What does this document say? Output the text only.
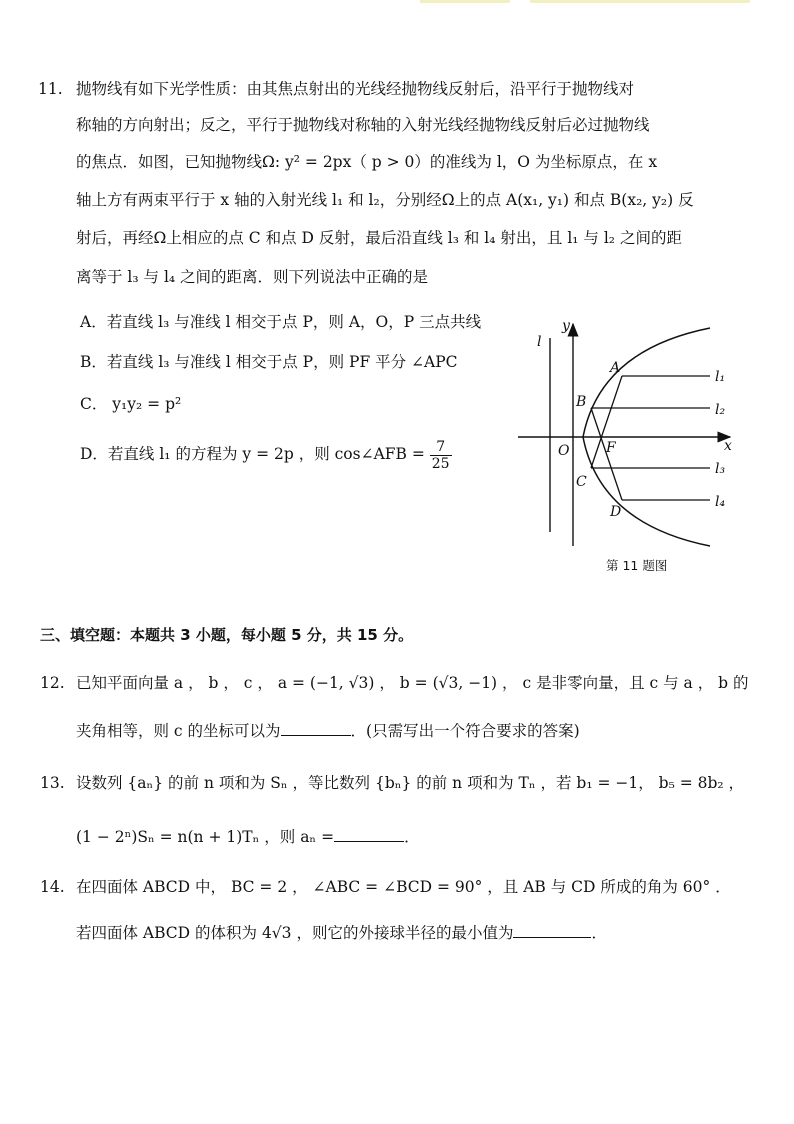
11. 抛物线有如下光学性质：由其焦点射出的光线经抛物线反射后，沿平行于抛物线对
称轴的方向射出；反之，平行于抛物线对称轴的入射光线经抛物线反射后必过抛物线
的焦点．如图，已知抛物线Ω: y² = 2px（ p > 0）的准线为 l，O 为坐标原点，在 x
轴上方有两束平行于 x 轴的入射光线 l₁ 和 l₂，分别经Ω上的点 A(x₁, y₁) 和点 B(x₂, y₂) 反
射后，再经Ω上相应的点 C 和点 D 反射，最后沿直线 l₃ 和 l₄ 射出，且 l₁ 与 l₂ 之间的距
离等于 l₃ 与 l₄ 之间的距离．则下列说法中正确的是
A．若直线 l₃ 与准线 l 相交于点 P，则 A，O，P 三点共线
B．若直线 l₃ 与准线 l 相交于点 P，则 PF 平分 ∠APC
C． y₁y₂ = p²
D．若直线 l₁ 的方程为 y = 2p ，则 cos∠AFB = $\frac{7}{25}$
l
y
x
O	F
A
B
C
D
l₁
l₂
l₃
l₄
第 11 题图
三、填空题：本题共 3 小题，每小题 5 分，共 15 分。
12. 已知平面向量 a ， b ， c ， a = (−1, √3) ， b = (√3, −1) ， c 是非零向量，且 c 与 a ， b 的
夹角相等，则 c 的坐标可以为	．(只需写出一个符合要求的答案)
13. 设数列 {aₙ} 的前 n 项和为 Sₙ ，等比数列 {bₙ} 的前 n 项和为 Tₙ ，若 b₁ = −1， b₅ = 8b₂ ，
(1 − 2ⁿ)Sₙ = n(n + 1)Tₙ ，则 aₙ =	．
14. 在四面体 ABCD 中， BC = 2 ， ∠ABC = ∠BCD = 90° ，且 AB 与 CD 所成的角为 60° ．
若四面体 ABCD 的体积为 4√3 ，则它的外接球半径的最小值为	．
